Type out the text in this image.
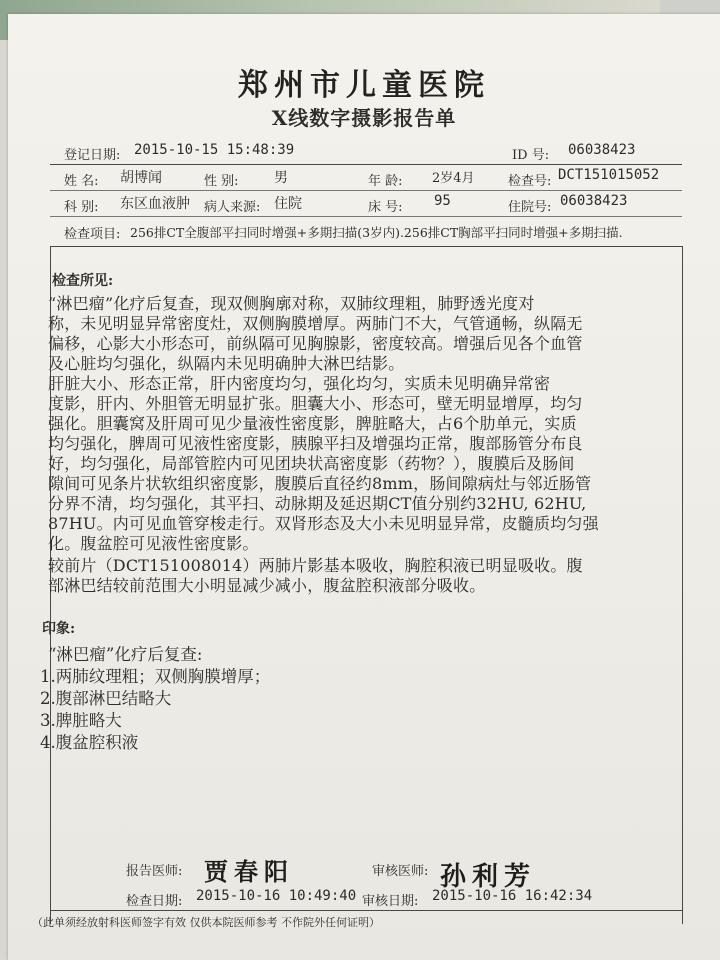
郑州市儿童医院
X线数字摄影报告单
登记日期: 2015-10-15 15:48:39	ID 号: 06038423
姓 名: 胡博闻	性 别:	男	年 龄: 2岁4月	检查号: DCT151015052
科 别: 东区血液肿 病人来源: 住院	床 号: 95	住院号: 06038423
检查项目: 256排CT全腹部平扫同时增强+多期扫描(3岁内).256排CT胸部平扫同时增强+多期扫描.
检查所见:
“淋巴瘤”化疗后复查，现双侧胸廓对称，双肺纹理粗，肺野透光度对
称，未见明显异常密度灶，双侧胸膜增厚。两肺门不大，气管通畅，纵隔无
偏移，心影大小形态可，前纵隔可见胸腺影，密度较高。增强后见各个血管
及心脏均匀强化，纵隔内未见明确肿大淋巴结影。
肝脏大小、形态正常，肝内密度均匀，强化均匀，实质未见明确异常密
度影，肝内、外胆管无明显扩张。胆囊大小、形态可，壁无明显增厚，均匀
强化。胆囊窝及肝周可见少量液性密度影，脾脏略大，占6个肋单元，实质
均匀强化，脾周可见液性密度影，胰腺平扫及增强均正常，腹部肠管分布良
好，均匀强化，局部管腔内可见团块状高密度影（药物？），腹膜后及肠间
隙间可见条片状软组织密度影，腹膜后直径约8mm，肠间隙病灶与邻近肠管
分界不清，均匀强化，其平扫、动脉期及延迟期CT值分别约32HU, 62HU,
87HU。内可见血管穿梭走行。双肾形态及大小未见明显异常，皮髓质均匀强
化。腹盆腔可见液性密度影。
较前片（DCT151008014）两肺片影基本吸收，胸腔积液已明显吸收。腹
部淋巴结较前范围大小明显减少减小，腹盆腔积液部分吸收。
印象:
“淋巴瘤”化疗后复查:
1.两肺纹理粗；双侧胸膜增厚；
2.腹部淋巴结略大
3.脾脏略大
4.腹盆腔积液
报告医师: 贾春阳	审核医师: 孙利芳
检查日期: 2015-10-16 10:49:40 审核日期: 2015-10-16 16:42:34
（此单须经放射科医师签字有效 仅供本院医师参考 不作院外任何证明）
